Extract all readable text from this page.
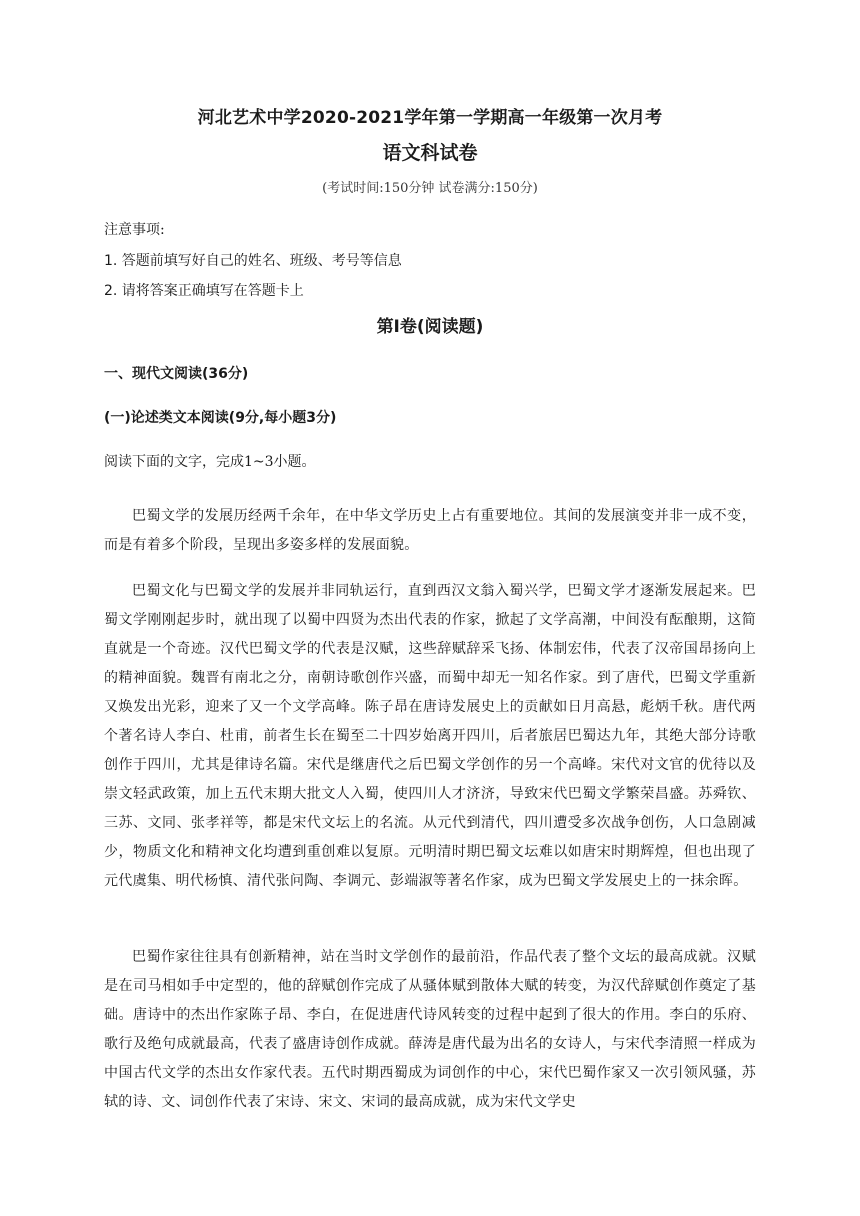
河北艺术中学2020-2021学年第一学期高一年级第一次月考
语文科试卷
(考试时间:150分钟 试卷满分:150分)
注意事项:
1. 答题前填写好自己的姓名、班级、考号等信息
2. 请将答案正确填写在答题卡上
第Ⅰ卷(阅读题)
一、现代文阅读(36分)
(一)论述类文本阅读(9分,每小题3分)
阅读下面的文字，完成1~3小题。

巴蜀文学的发展历经两千余年，在中华文学历史上占有重要地位。其间的发展演变并非一成不变，而是有着多个阶段，呈现出多姿多样的发展面貌。

巴蜀文化与巴蜀文学的发展并非同轨运行，直到西汉文翁入蜀兴学，巴蜀文学才逐渐发展起来。巴蜀文学刚刚起步时，就出现了以蜀中四贤为杰出代表的作家，掀起了文学高潮，中间没有酝酿期，这简直就是一个奇迹。汉代巴蜀文学的代表是汉赋，这些辞赋辞采飞扬、体制宏伟，代表了汉帝国昂扬向上的精神面貌。魏晋有南北之分，南朝诗歌创作兴盛，而蜀中却无一知名作家。到了唐代，巴蜀文学重新又焕发出光彩，迎来了又一个文学高峰。陈子昂在唐诗发展史上的贡献如日月高悬，彪炳千秋。唐代两个著名诗人李白、杜甫，前者生长在蜀至二十四岁始离开四川，后者旅居巴蜀达九年，其绝大部分诗歌创作于四川，尤其是律诗名篇。宋代是继唐代之后巴蜀文学创作的另一个高峰。宋代对文官的优待以及崇文轻武政策，加上五代末期大批文人入蜀，使四川人才济济，导致宋代巴蜀文学繁荣昌盛。苏舜钦、三苏、文同、张孝祥等，都是宋代文坛上的名流。从元代到清代，四川遭受多次战争创伤，人口急剧减少，物质文化和精神文化均遭到重创难以复原。元明清时期巴蜀文坛难以如唐宋时期辉煌，但也出现了元代虞集、明代杨慎、清代张问陶、李调元、彭端淑等著名作家，成为巴蜀文学发展史上的一抹余晖。

巴蜀作家往往具有创新精神，站在当时文学创作的最前沿，作品代表了整个文坛的最高成就。汉赋是在司马相如手中定型的，他的辞赋创作完成了从骚体赋到散体大赋的转变，为汉代辞赋创作奠定了基础。唐诗中的杰出作家陈子昂、李白，在促进唐代诗风转变的过程中起到了很大的作用。李白的乐府、歌行及绝句成就最高，代表了盛唐诗创作成就。薛涛是唐代最为出名的女诗人，与宋代李清照一样成为中国古代文学的杰出女作家代表。五代时期西蜀成为词创作的中心，宋代巴蜀作家又一次引领风骚，苏轼的诗、文、词创作代表了宋诗、宋文、宋词的最高成就，成为宋代文学史
